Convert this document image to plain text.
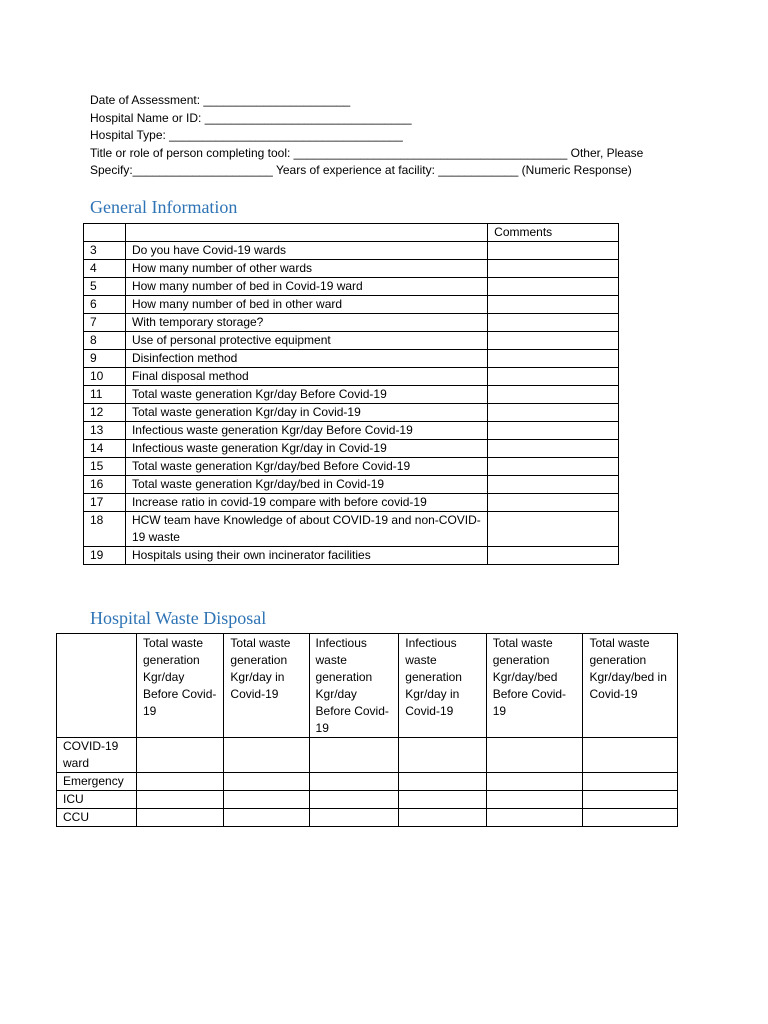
Date of Assessment: ______________________
Hospital Name or ID: _______________________________
Hospital Type: ___________________________________
Title or role of person completing tool: _________________________________________ Other, Please
Specify:_____________________ Years of experience at facility: ____________ (Numeric Response)
General Information
		Comments
3	Do you have Covid-19 wards	
4	How many number of other wards	
5	How many number of bed in Covid-19 ward	
6	How many number of bed in other ward	
7	With temporary storage?	
8	Use of personal protective equipment	
9	Disinfection method	
10	Final disposal method	
11	Total waste generation Kgr/day Before Covid-19	
12	Total waste generation Kgr/day in Covid-19	
13	Infectious waste generation Kgr/day Before Covid-19	
14	Infectious waste generation Kgr/day in Covid-19	
15	Total waste generation Kgr/day/bed Before Covid-19	
16	Total waste generation Kgr/day/bed in Covid-19	
17	Increase ratio in covid-19 compare with before covid-19	
18	HCW team have Knowledge of about COVID-19 and non-COVID-19 waste	
19	Hospitals using their own incinerator facilities	
Hospital Waste Disposal
	Total waste generation Kgr/day Before Covid-19	Total waste generation Kgr/day in Covid-19	Infectious waste generation Kgr/day Before Covid-19	Infectious waste generation Kgr/day in Covid-19	Total waste generation Kgr/day/bed Before Covid-19	Total waste generation Kgr/day/bed in Covid-19
COVID-19 ward						
Emergency						
ICU						
CCU						
